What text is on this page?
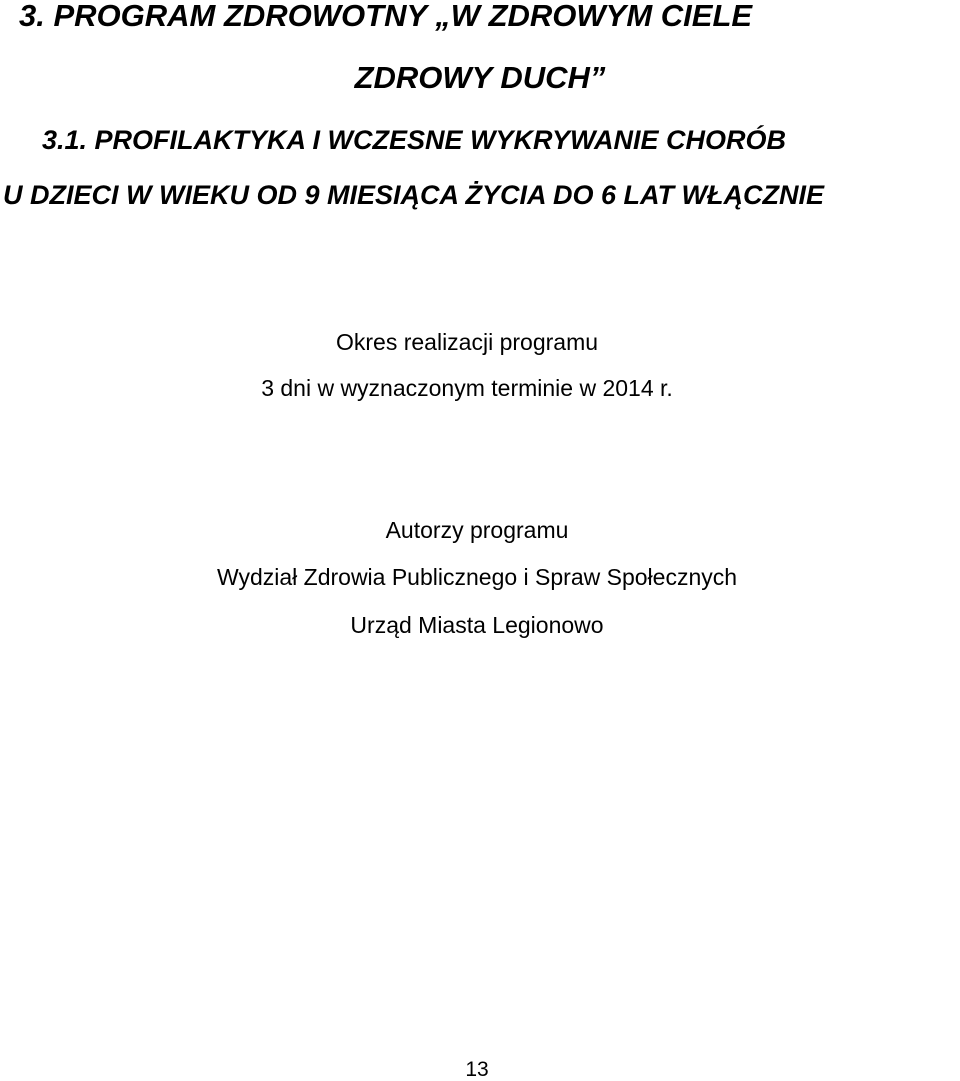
3. PROGRAM ZDROWOTNY „W ZDROWYM CIELE
ZDROWY DUCH”
3.1. PROFILAKTYKA I WCZESNE WYKRYWANIE CHORÓB
U DZIECI W WIEKU OD 9 MIESIĄCA ŻYCIA DO 6 LAT WŁĄCZNIE

Okres realizacji programu

3 dni w wyznaczonym terminie w 2014 r.

Autorzy programu

Wydział Zdrowia Publicznego i Spraw Społecznych

Urząd Miasta Legionowo

13
